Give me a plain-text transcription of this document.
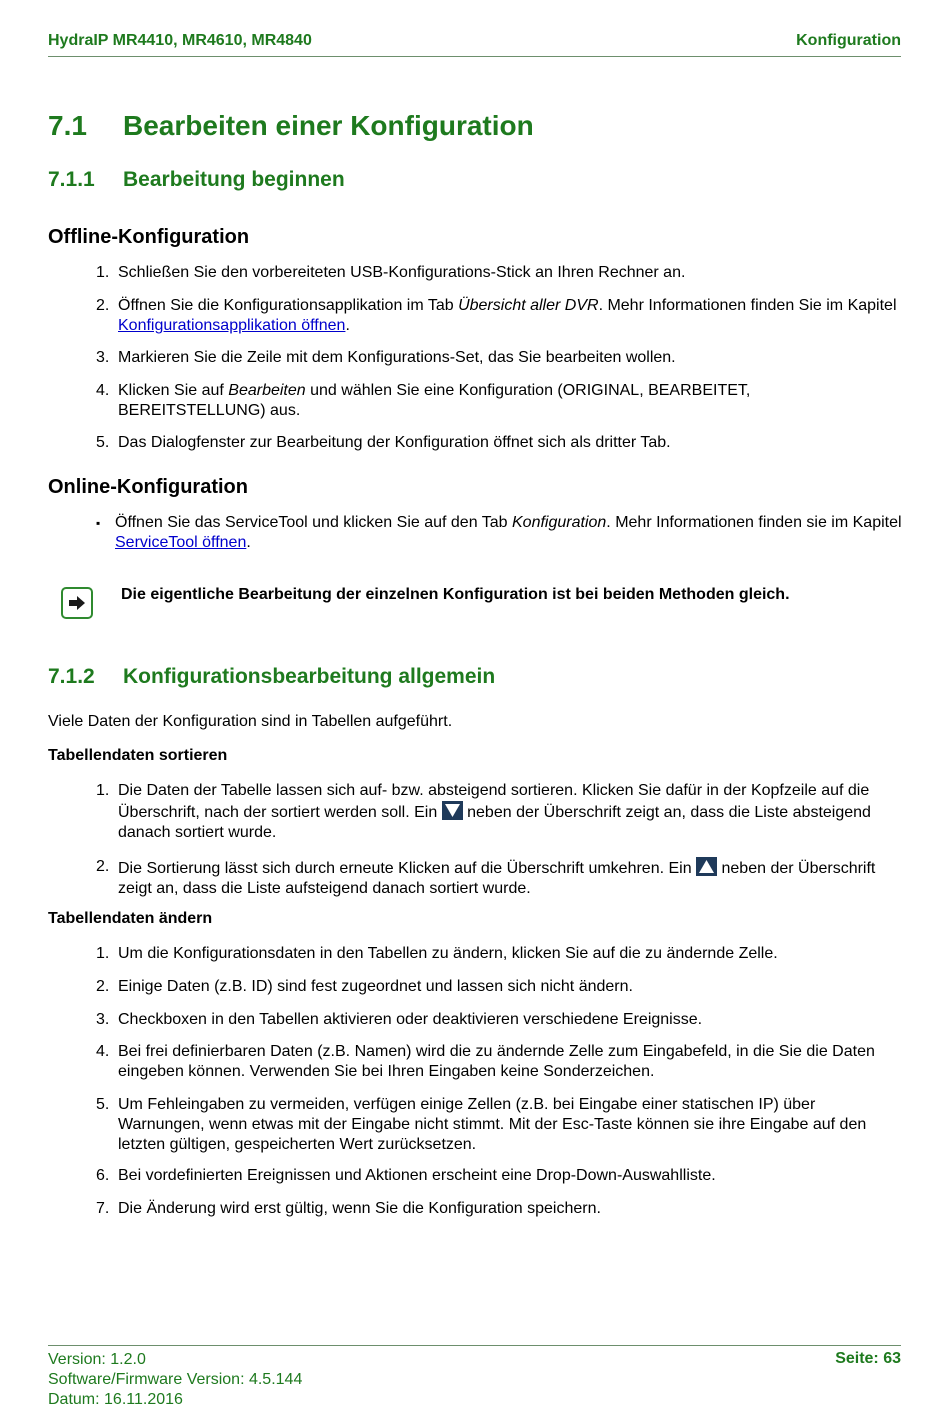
HydraIP MR4410, MR4610, MR4840	Konfiguration
7.1 Bearbeiten einer Konfiguration
7.1.1 Bearbeitung beginnen
Offline-Konfiguration
1. Schließen Sie den vorbereiteten USB-Konfigurations-Stick an Ihren Rechner an.
2. Öffnen Sie die Konfigurationsapplikation im Tab Übersicht aller DVR. Mehr Informationen finden Sie im Kapitel Konfigurationsapplikation öffnen.
3. Markieren Sie die Zeile mit dem Konfigurations-Set, das Sie bearbeiten wollen.
4. Klicken Sie auf Bearbeiten und wählen Sie eine Konfiguration (ORIGINAL, BEARBEITET, BEREITSTELLUNG) aus.
5. Das Dialogfenster zur Bearbeitung der Konfiguration öffnet sich als dritter Tab.
Online-Konfiguration
▪ Öffnen Sie das ServiceTool und klicken Sie auf den Tab Konfiguration. Mehr Informationen finden sie im Kapitel ServiceTool öffnen.
Die eigentliche Bearbeitung der einzelnen Konfiguration ist bei beiden Methoden gleich.
7.1.2 Konfigurationsbearbeitung allgemein
Viele Daten der Konfiguration sind in Tabellen aufgeführt.
Tabellendaten sortieren
1. Die Daten der Tabelle lassen sich auf- bzw. absteigend sortieren. Klicken Sie dafür in der Kopfzeile auf die Überschrift, nach der sortiert werden soll. Ein
neben der Überschrift zeigt an, dass die Liste absteigend danach sortiert wurde.
2. Die Sortierung lässt sich durch erneute Klicken auf die Überschrift umkehren. Ein
neben der Überschrift zeigt an, dass die Liste aufsteigend danach sortiert wurde.
Tabellendaten ändern
1. Um die Konfigurationsdaten in den Tabellen zu ändern, klicken Sie auf die zu ändernde Zelle.
2. Einige Daten (z.B. ID) sind fest zugeordnet und lassen sich nicht ändern.
3. Checkboxen in den Tabellen aktivieren oder deaktivieren verschiedene Ereignisse.
4. Bei frei definierbaren Daten (z.B. Namen) wird die zu ändernde Zelle zum Eingabefeld, in die Sie die Daten eingeben können. Verwenden Sie bei Ihren Eingaben keine Sonderzeichen.
5. Um Fehleingaben zu vermeiden, verfügen einige Zellen (z.B. bei Eingabe einer statischen IP) über Warnungen, wenn etwas mit der Eingabe nicht stimmt. Mit der Esc-Taste können sie ihre Eingabe auf den letzten gültigen, gespeicherten Wert zurücksetzen.
6. Bei vordefinierten Ereignissen und Aktionen erscheint eine Drop-Down-Auswahlliste.
7. Die Änderung wird erst gültig, wenn Sie die Konfiguration speichern.
Version: 1.2.0
Software/Firmware Version: 4.5.144
Datum: 16.11.2016
Seite: 63
